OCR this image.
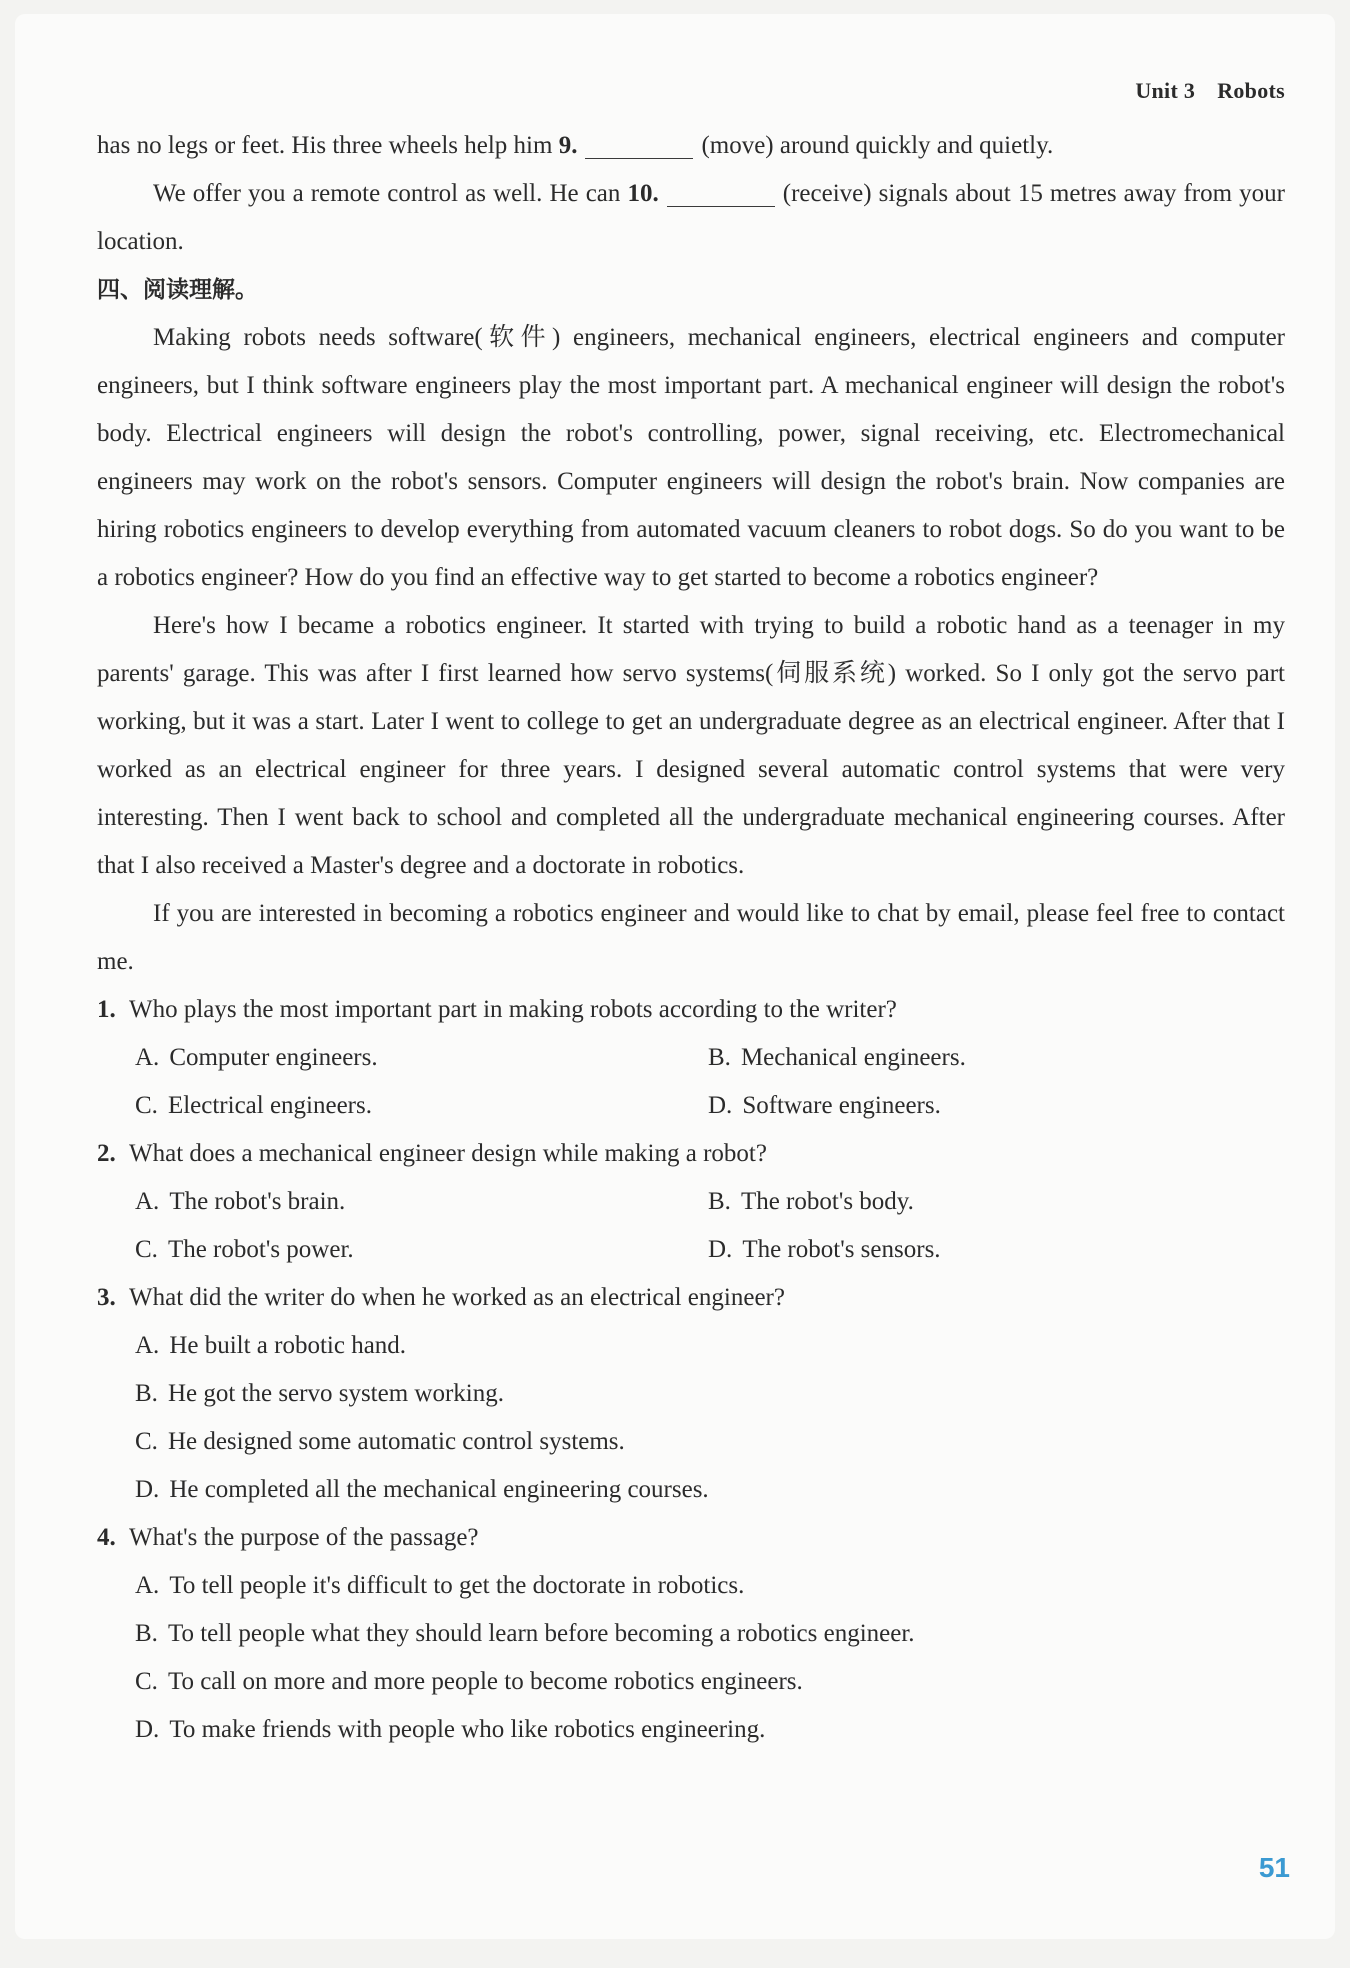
Unit 3 Robots

has no legs or feet. His three wheels help him 9.	(move) around quickly and quietly.

We offer you a remote control as well. He can 10.	(receive) signals about 15 metres away from your location.

四、阅读理解。

Making robots needs software(软件) engineers, mechanical engineers, electrical engineers and computer engineers, but I think software engineers play the most important part. A mechanical engineer will design the robot's body. Electrical engineers will design the robot's controlling, power, signal receiving, etc. Electromechanical engineers may work on the robot's sensors. Computer engineers will design the robot's brain. Now companies are hiring robotics engineers to develop everything from automated vacuum cleaners to robot dogs. So do you want to be a robotics engineer? How do you find an effective way to get started to become a robotics engineer?

Here's how I became a robotics engineer. It started with trying to build a robotic hand as a teenager in my parents' garage. This was after I first learned how servo systems(伺服系统) worked. So I only got the servo part working, but it was a start. Later I went to college to get an undergraduate degree as an electrical engineer. After that I worked as an electrical engineer for three years. I designed several automatic control systems that were very interesting. Then I went back to school and completed all the undergraduate mechanical engineering courses. After that I also received a Master's degree and a doctorate in robotics.

If you are interested in becoming a robotics engineer and would like to chat by email, please feel free to contact me.

1. Who plays the most important part in making robots according to the writer?
A. Computer engineers.	B. Mechanical engineers.
C. Electrical engineers.	D. Software engineers.
2. What does a mechanical engineer design while making a robot?
A. The robot's brain.	B. The robot's body.
C. The robot's power.	D. The robot's sensors.
3. What did the writer do when he worked as an electrical engineer?
A. He built a robotic hand.
B. He got the servo system working.
C. He designed some automatic control systems.
D. He completed all the mechanical engineering courses.
4. What's the purpose of the passage?
A. To tell people it's difficult to get the doctorate in robotics.
B. To tell people what they should learn before becoming a robotics engineer.
C. To call on more and more people to become robotics engineers.
D. To make friends with people who like robotics engineering.
51
